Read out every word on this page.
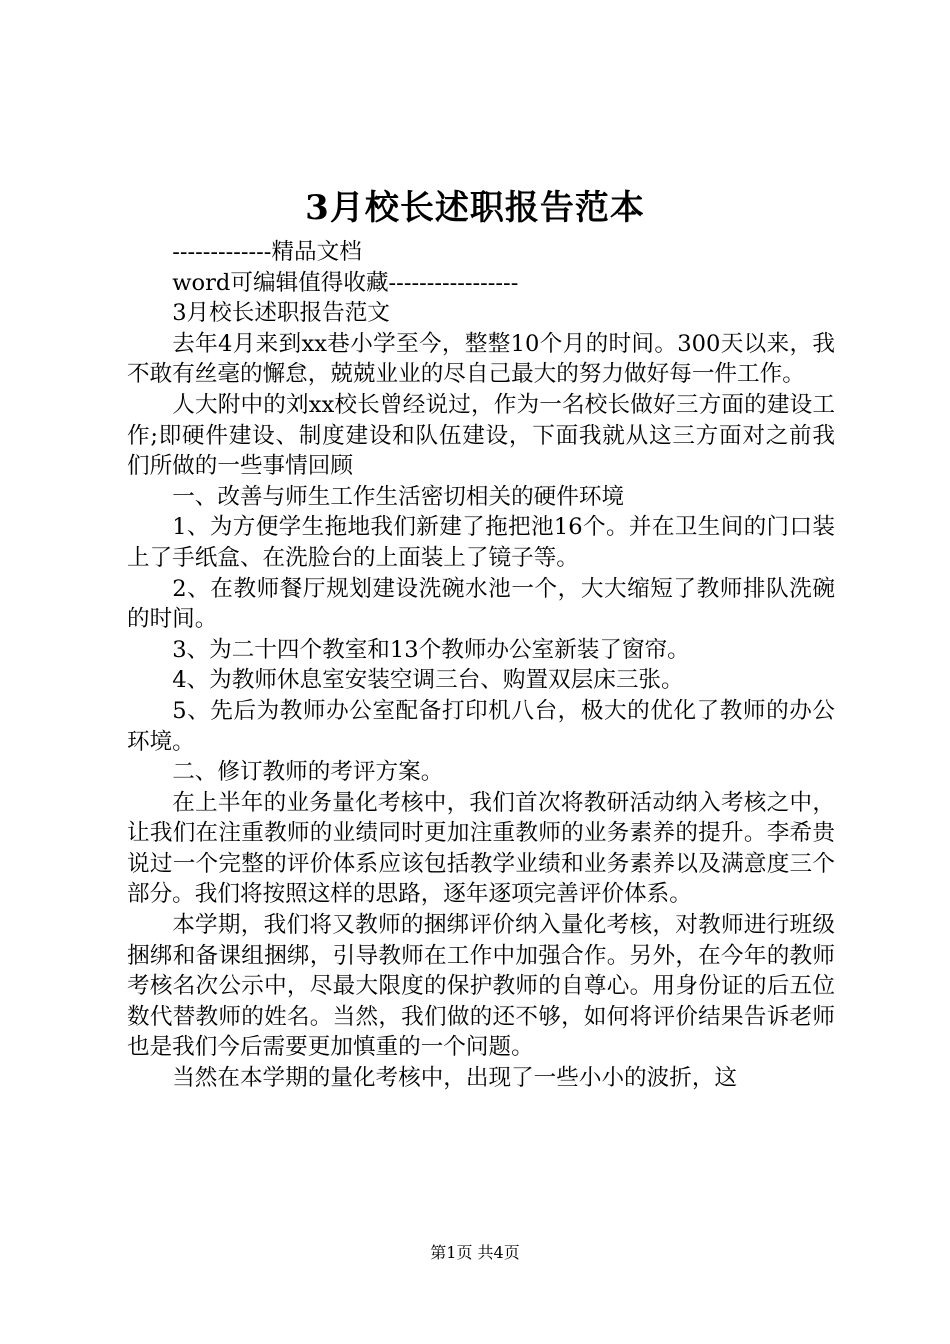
3月校长述职报告范本

-------------精品文档

word可编辑值得收藏-----------------

3月校长述职报告范文

去年4月来到xx巷小学至今，整整10个月的时间。300天以来，我不敢有丝毫的懈怠，兢兢业业的尽自己最大的努力做好每一件工作。

人大附中的刘xx校长曾经说过，作为一名校长做好三方面的建设工作;即硬件建设、制度建设和队伍建设，下面我就从这三方面对之前我们所做的一些事情回顾

一、改善与师生工作生活密切相关的硬件环境

1、为方便学生拖地我们新建了拖把池16个。并在卫生间的门口装上了手纸盒、在洗脸台的上面装上了镜子等。

2、在教师餐厅规划建设洗碗水池一个，大大缩短了教师排队洗碗的时间。

3、为二十四个教室和13个教师办公室新装了窗帘。

4、为教师休息室安装空调三台、购置双层床三张。

5、先后为教师办公室配备打印机八台，极大的优化了教师的办公环境。

二、修订教师的考评方案。

在上半年的业务量化考核中，我们首次将教研活动纳入考核之中，让我们在注重教师的业绩同时更加注重教师的业务素养的提升。李希贵说过一个完整的评价体系应该包括教学业绩和业务素养以及满意度三个部分。我们将按照这样的思路，逐年逐项完善评价体系。

本学期，我们将又教师的捆绑评价纳入量化考核，对教师进行班级捆绑和备课组捆绑，引导教师在工作中加强合作。另外，在今年的教师考核名次公示中，尽最大限度的保护教师的自尊心。用身份证的后五位数代替教师的姓名。当然，我们做的还不够，如何将评价结果告诉老师也是我们今后需要更加慎重的一个问题。

当然在本学期的量化考核中，出现了一些小小的波折，这

第1页 共4页
